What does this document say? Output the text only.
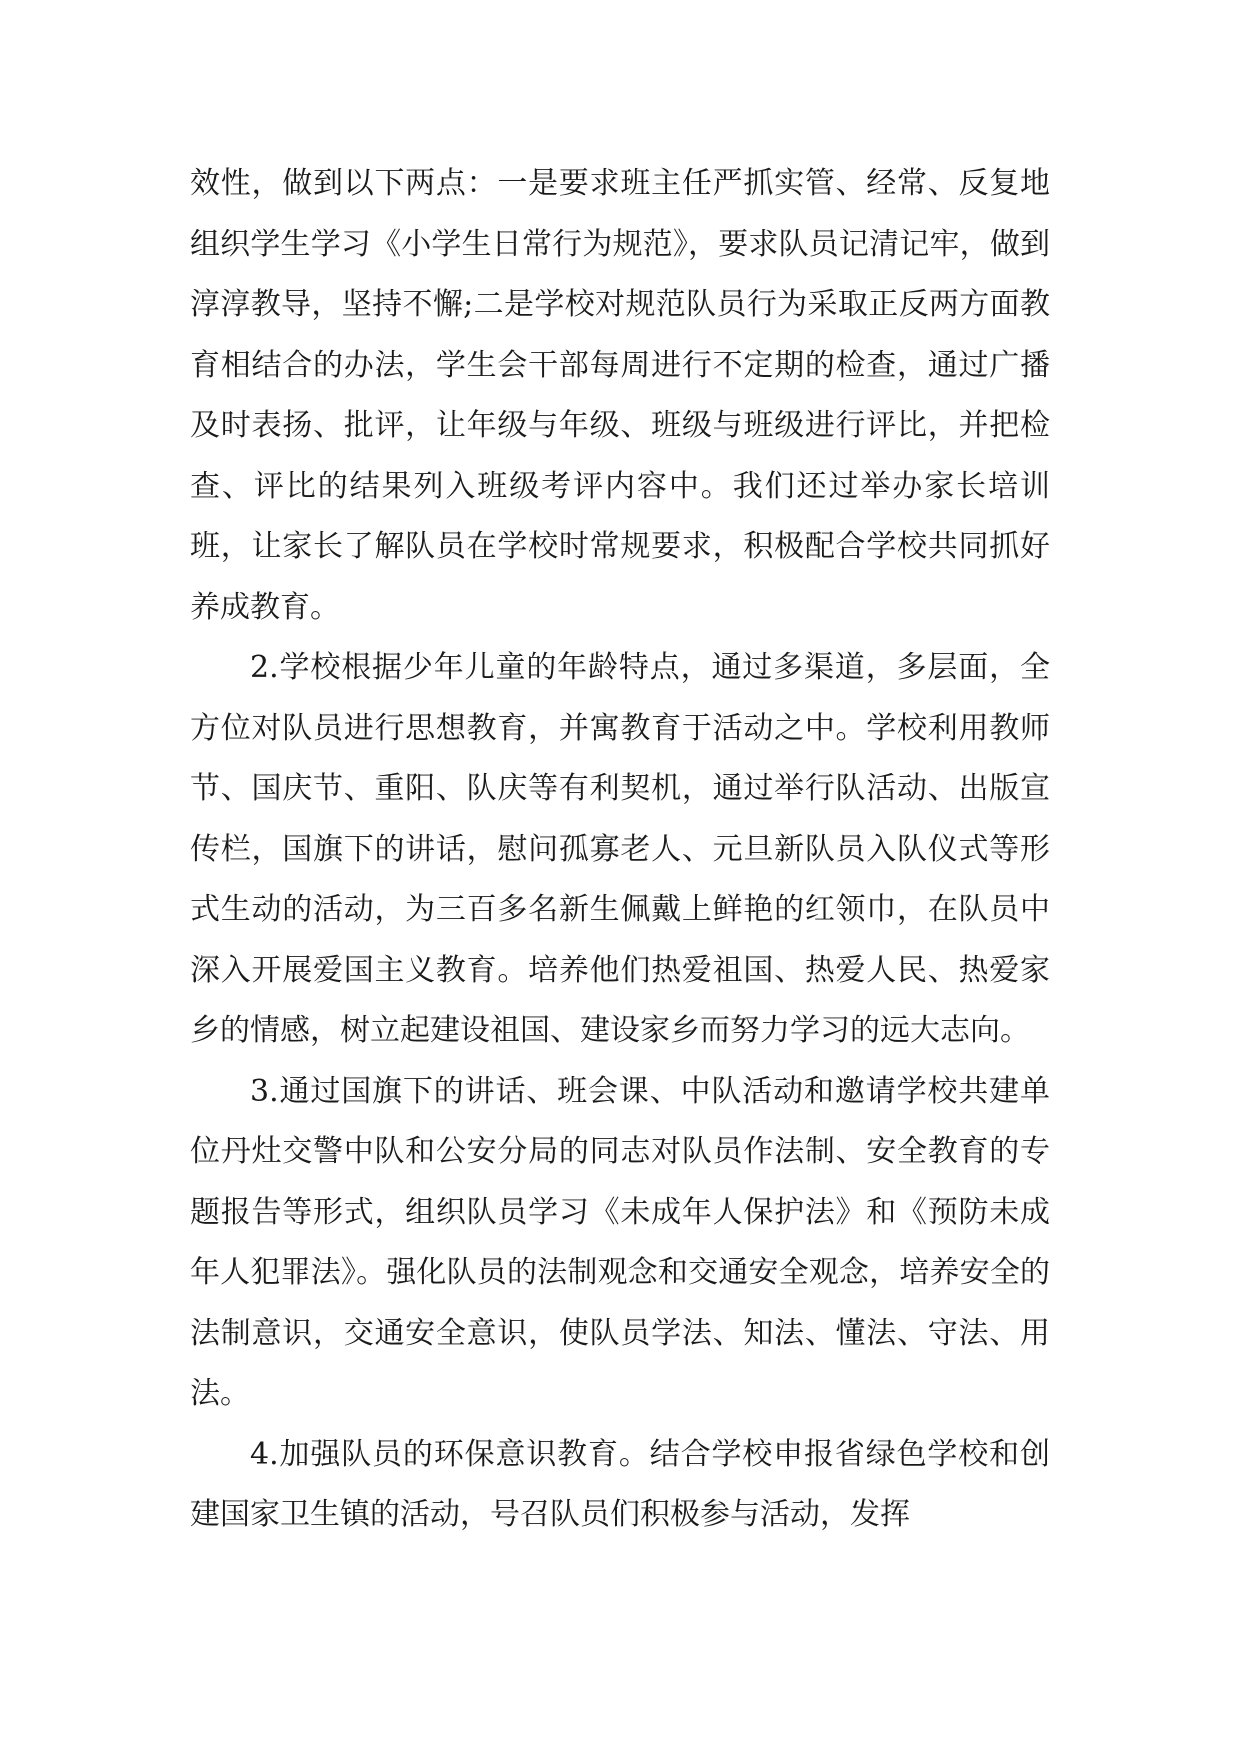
效性，做到以下两点：一是要求班主任严抓实管、经常、反复地组织学生学习《小学生日常行为规范》，要求队员记清记牢，做到淳淳教导，坚持不懈;二是学校对规范队员行为采取正反两方面教育相结合的办法，学生会干部每周进行不定期的检查，通过广播及时表扬、批评，让年级与年级、班级与班级进行评比，并把检查、评比的结果列入班级考评内容中。我们还过举办家长培训班，让家长了解队员在学校时常规要求，积极配合学校共同抓好养成教育。

2.学校根据少年儿童的年龄特点，通过多渠道，多层面，全方位对队员进行思想教育，并寓教育于活动之中。学校利用教师节、国庆节、重阳、队庆等有利契机，通过举行队活动、出版宣传栏，国旗下的讲话，慰问孤寡老人、元旦新队员入队仪式等形式生动的活动，为三百多名新生佩戴上鲜艳的红领巾，在队员中深入开展爱国主义教育。培养他们热爱祖国、热爱人民、热爱家乡的情感，树立起建设祖国、建设家乡而努力学习的远大志向。

3.通过国旗下的讲话、班会课、中队活动和邀请学校共建单位丹灶交警中队和公安分局的同志对队员作法制、安全教育的专题报告等形式，组织队员学习《未成年人保护法》和《预防未成年人犯罪法》。强化队员的法制观念和交通安全观念，培养安全的法制意识，交通安全意识，使队员学法、知法、懂法、守法、用法。

4.加强队员的环保意识教育。结合学校申报省绿色学校和创建国家卫生镇的活动，号召队员们积极参与活动，发挥
